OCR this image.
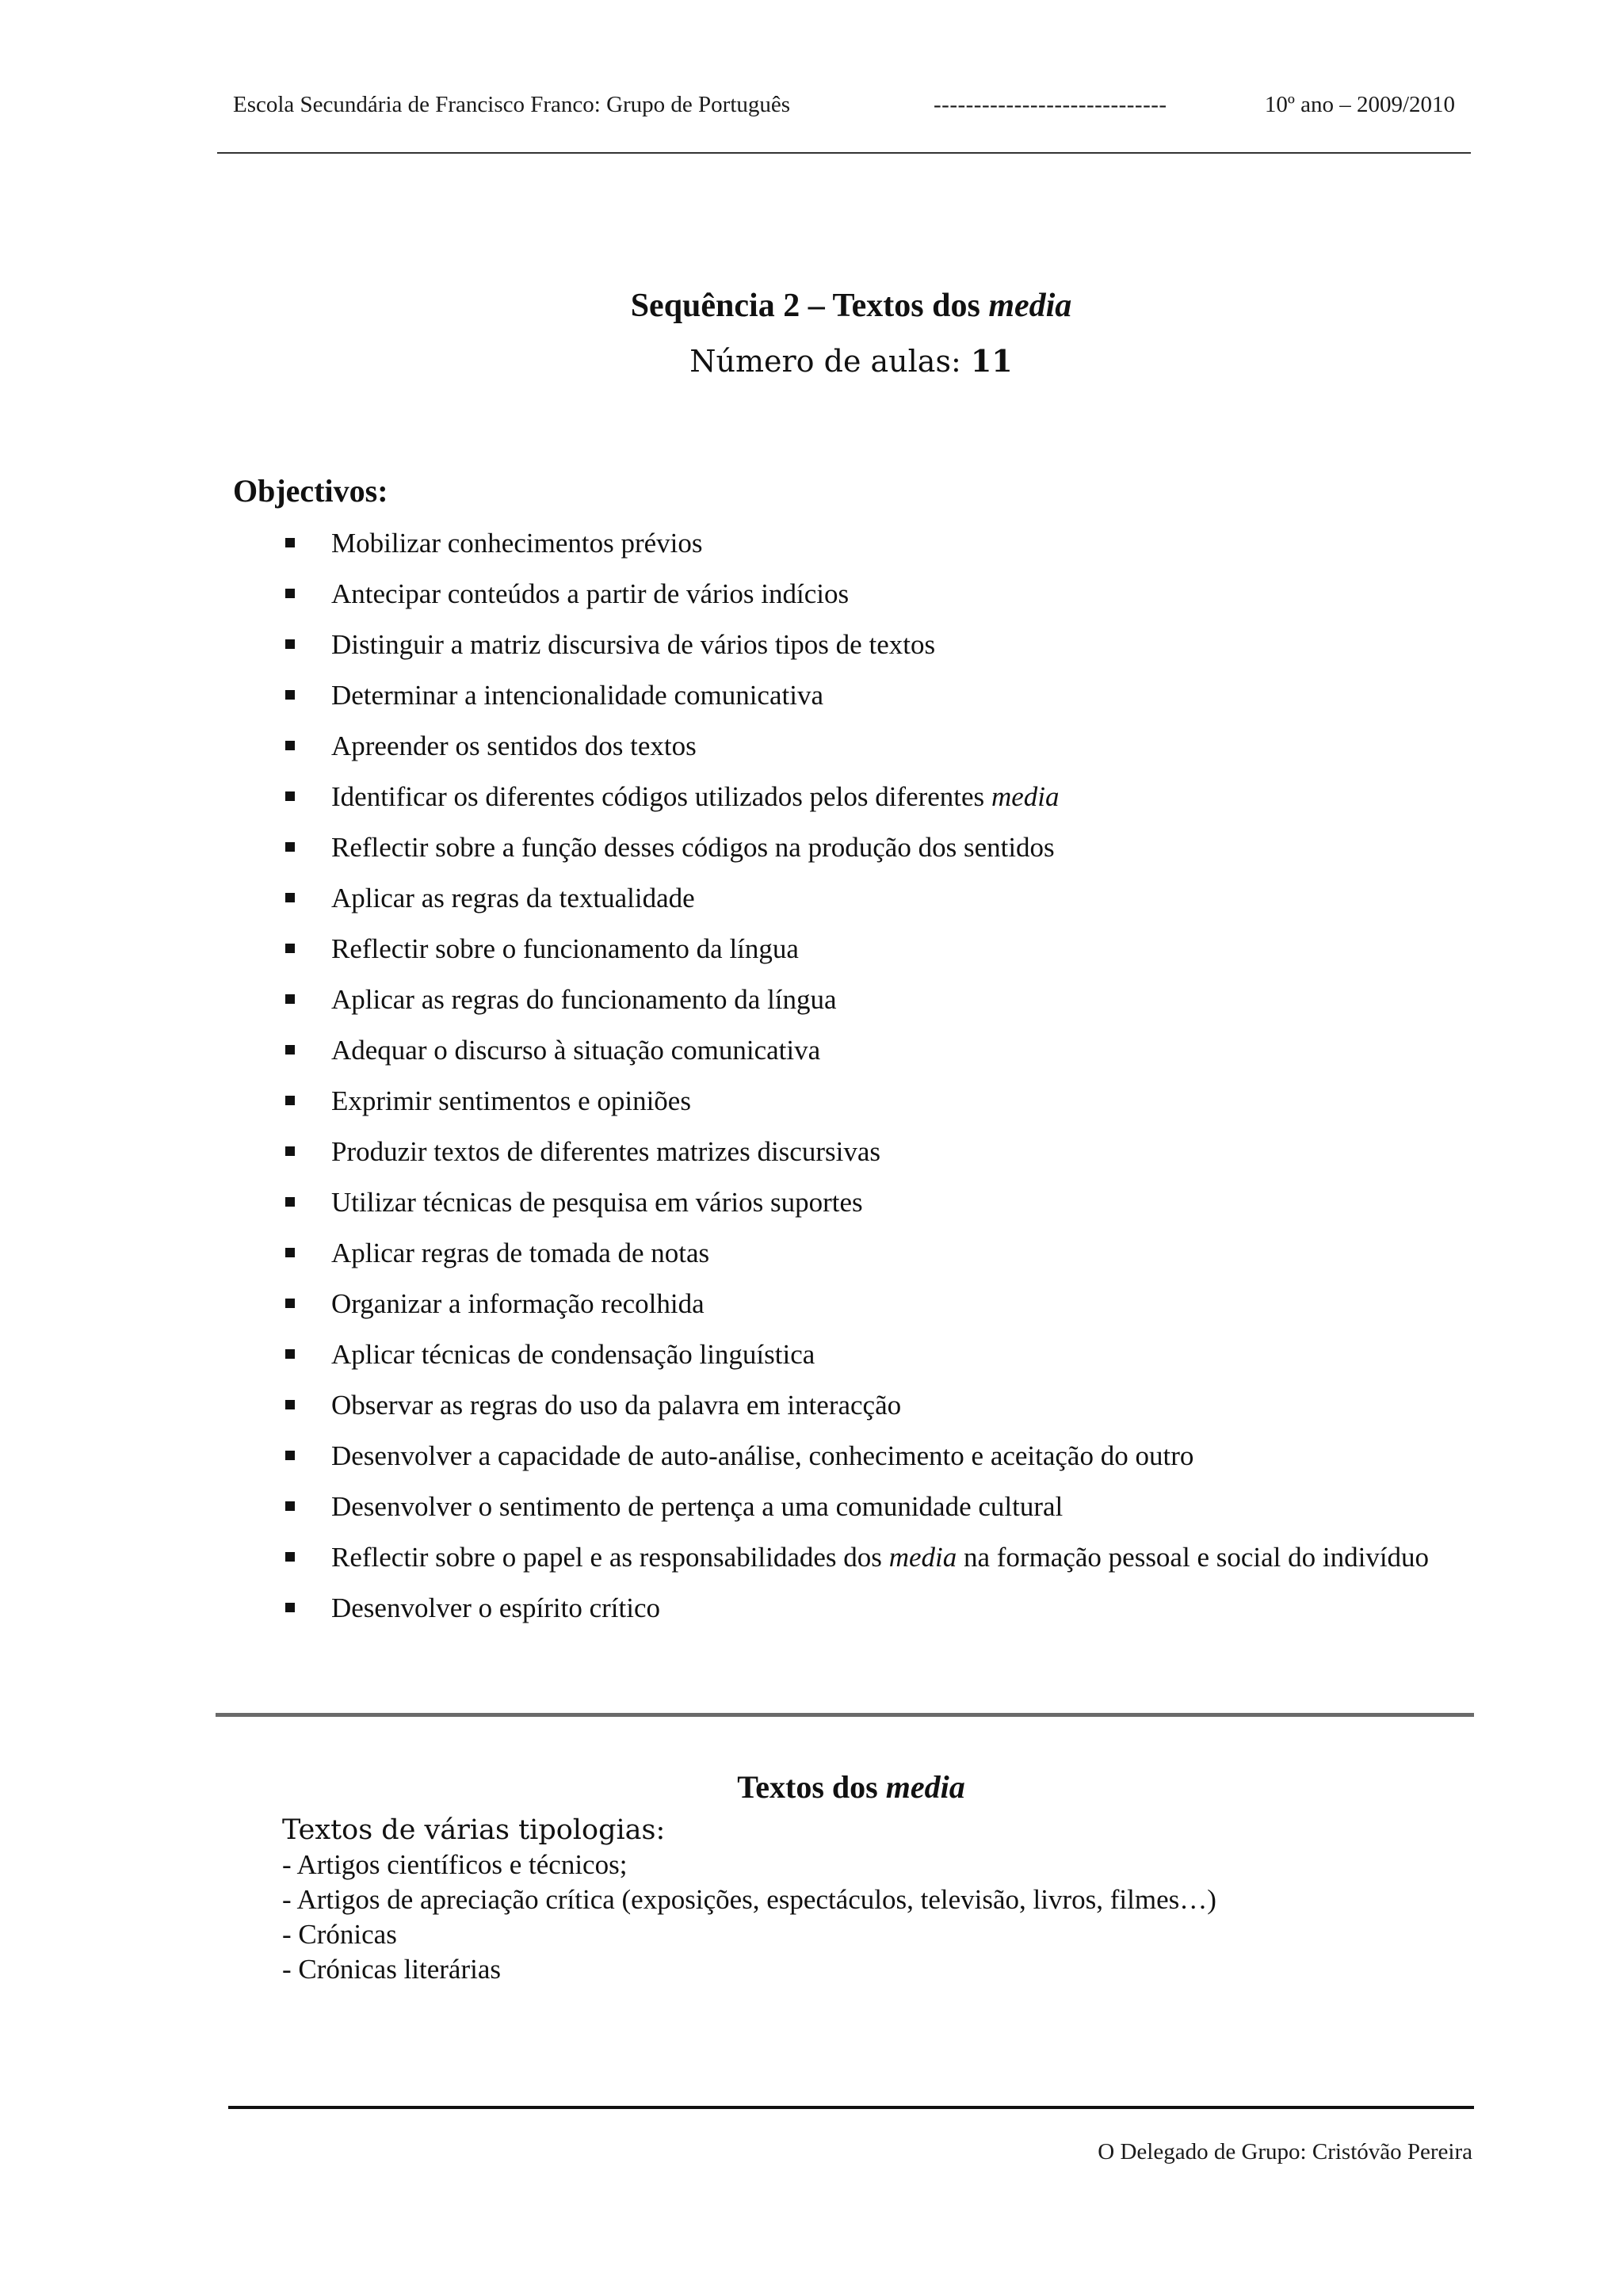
Escola Secundária de Francisco Franco: Grupo de Português	-----------------------------	10º ano – 2009/2010
Sequência 2 – Textos dos media
Número de aulas: 11
Objectivos:
Mobilizar conhecimentos prévios
Antecipar conteúdos a partir de vários indícios
Distinguir a matriz discursiva de vários tipos de textos
Determinar a intencionalidade comunicativa
Apreender os sentidos dos textos
Identificar os diferentes códigos utilizados pelos diferentes media
Reflectir sobre a função desses códigos na produção dos sentidos
Aplicar as regras da textualidade
Reflectir sobre o funcionamento da língua
Aplicar as regras do funcionamento da língua
Adequar o discurso à situação comunicativa
Exprimir sentimentos e opiniões
Produzir textos de diferentes matrizes discursivas
Utilizar técnicas de pesquisa em vários suportes
Aplicar regras de tomada de notas
Organizar a informação recolhida
Aplicar técnicas de condensação linguística
Observar as regras do uso da palavra em interacção
Desenvolver a capacidade de auto-análise, conhecimento e aceitação do outro
Desenvolver o sentimento de pertença a uma comunidade cultural
Reflectir sobre o papel e as responsabilidades dos media na formação pessoal e social do indivíduo
Desenvolver o espírito crítico
Textos dos media
Textos de várias tipologias:
- Artigos científicos e técnicos;
- Artigos de apreciação crítica (exposições, espectáculos, televisão, livros, filmes…)
- Crónicas
- Crónicas literárias
O Delegado de Grupo: Cristóvão Pereira
